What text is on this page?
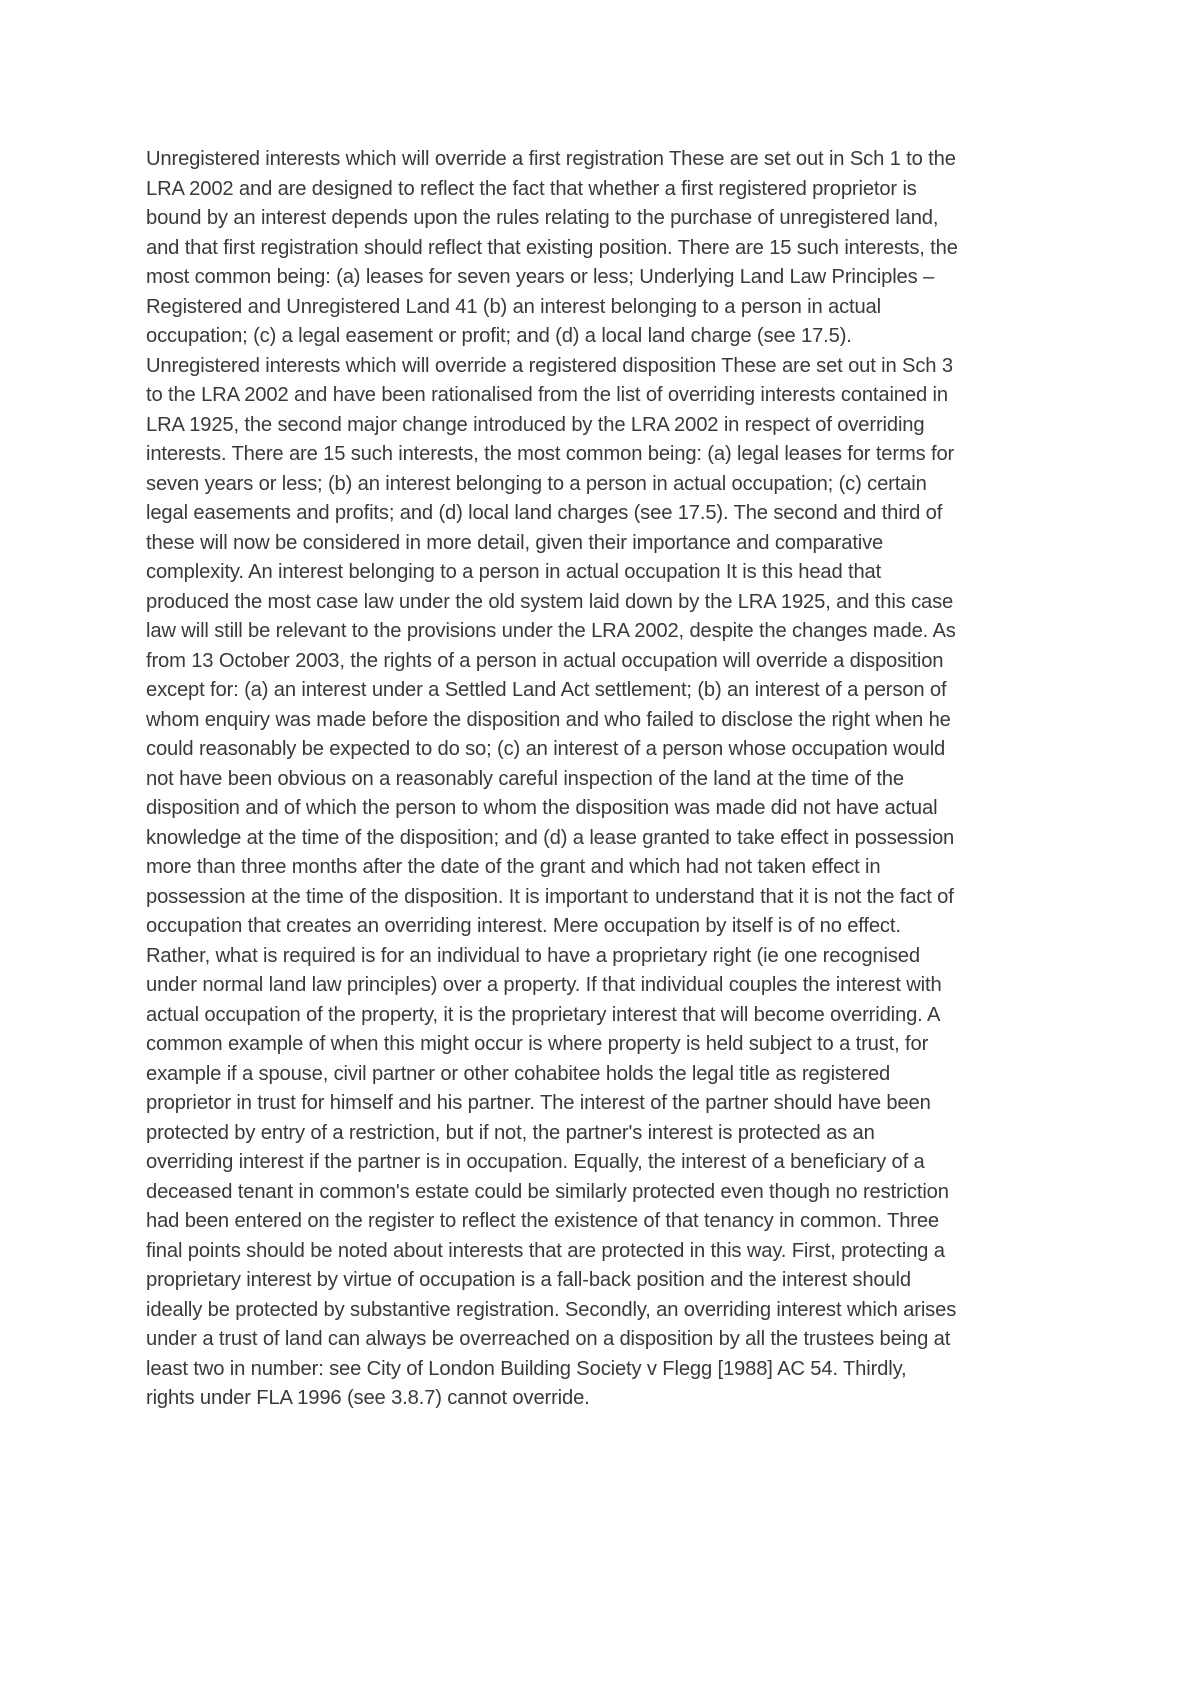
Unregistered interests which will override a first registration These are set out in Sch 1 to the
LRA 2002 and are designed to reflect the fact that whether a first registered proprietor is
bound by an interest depends upon the rules relating to the purchase of unregistered land,
and that first registration should reflect that existing position. There are 15 such interests, the
most common being: (a) leases for seven years or less; Underlying Land Law Principles –
Registered and Unregistered Land 41 (b) an interest belonging to a person in actual
occupation; (c) a legal easement or profit; and (d) a local land charge (see 17.5).
Unregistered interests which will override a registered disposition These are set out in Sch 3
to the LRA 2002 and have been rationalised from the list of overriding interests contained in
LRA 1925, the second major change introduced by the LRA 2002 in respect of overriding
interests. There are 15 such interests, the most common being: (a) legal leases for terms for
seven years or less; (b) an interest belonging to a person in actual occupation; (c) certain
legal easements and profits; and (d) local land charges (see 17.5). The second and third of
these will now be considered in more detail, given their importance and comparative
complexity. An interest belonging to a person in actual occupation It is this head that
produced the most case law under the old system laid down by the LRA 1925, and this case
law will still be relevant to the provisions under the LRA 2002, despite the changes made. As
from 13 October 2003, the rights of a person in actual occupation will override a disposition
except for: (a) an interest under a Settled Land Act settlement; (b) an interest of a person of
whom enquiry was made before the disposition and who failed to disclose the right when he
could reasonably be expected to do so; (c) an interest of a person whose occupation would
not have been obvious on a reasonably careful inspection of the land at the time of the
disposition and of which the person to whom the disposition was made did not have actual
knowledge at the time of the disposition; and (d) a lease granted to take effect in possession
more than three months after the date of the grant and which had not taken effect in
possession at the time of the disposition. It is important to understand that it is not the fact of
occupation that creates an overriding interest. Mere occupation by itself is of no effect.
Rather, what is required is for an individual to have a proprietary right (ie one recognised
under normal land law principles) over a property. If that individual couples the interest with
actual occupation of the property, it is the proprietary interest that will become overriding. A
common example of when this might occur is where property is held subject to a trust, for
example if a spouse, civil partner or other cohabitee holds the legal title as registered
proprietor in trust for himself and his partner. The interest of the partner should have been
protected by entry of a restriction, but if not, the partner's interest is protected as an
overriding interest if the partner is in occupation. Equally, the interest of a beneficiary of a
deceased tenant in common's estate could be similarly protected even though no restriction
had been entered on the register to reflect the existence of that tenancy in common. Three
final points should be noted about interests that are protected in this way. First, protecting a
proprietary interest by virtue of occupation is a fall-back position and the interest should
ideally be protected by substantive registration. Secondly, an overriding interest which arises
under a trust of land can always be overreached on a disposition by all the trustees being at
least two in number: see City of London Building Society v Flegg [1988] AC 54. Thirdly,
rights under FLA 1996 (see 3.8.7) cannot override.
